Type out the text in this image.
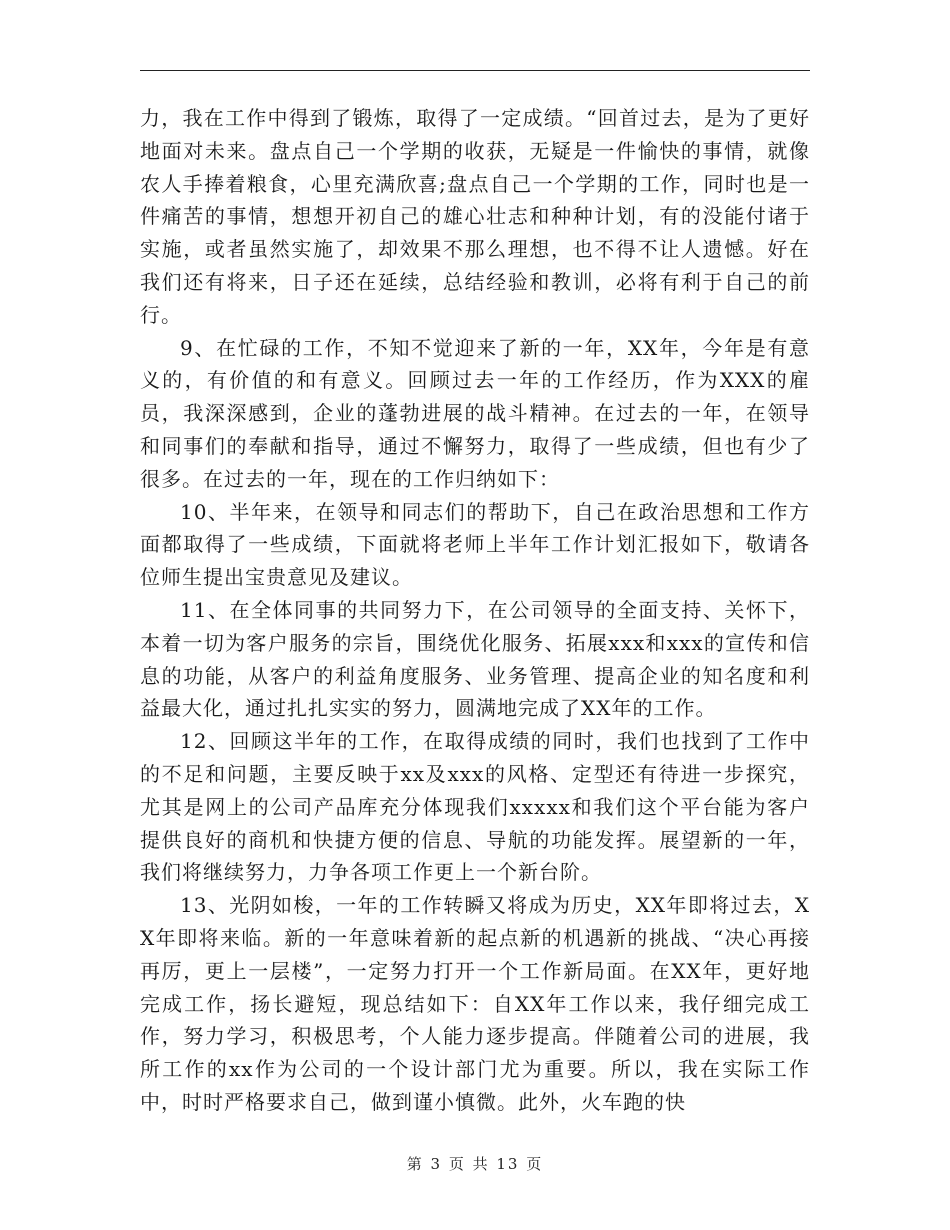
力，我在工作中得到了锻炼，取得了一定成绩。“回首过去，是为了更好地面对未来。盘点自己一个学期的收获，无疑是一件愉快的事情，就像农人手捧着粮食，心里充满欣喜;盘点自己一个学期的工作，同时也是一件痛苦的事情，想想开初自己的雄心壮志和种种计划，有的没能付诸于实施，或者虽然实施了，却效果不那么理想，也不得不让人遗憾。好在我们还有将来，日子还在延续，总结经验和教训，必将有利于自己的前行。

9、在忙碌的工作，不知不觉迎来了新的一年，XX年，今年是有意义的，有价值的和有意义。回顾过去一年的工作经历，作为XXX的雇员，我深深感到，企业的蓬勃进展的战斗精神。在过去的一年，在领导和同事们的奉献和指导，通过不懈努力，取得了一些成绩，但也有少了很多。在过去的一年，现在的工作归纳如下：

10、半年来，在领导和同志们的帮助下，自己在政治思想和工作方面都取得了一些成绩，下面就将老师上半年工作计划汇报如下，敬请各位师生提出宝贵意见及建议。

11、在全体同事的共同努力下，在公司领导的全面支持、关怀下，本着一切为客户服务的宗旨，围绕优化服务、拓展xxx和xxx的宣传和信息的功能，从客户的利益角度服务、业务管理、提高企业的知名度和利益最大化，通过扎扎实实的努力，圆满地完成了XX年的工作。

12、回顾这半年的工作，在取得成绩的同时，我们也找到了工作中的不足和问题，主要反映于xx及xxx的风格、定型还有待进一步探究，尤其是网上的公司产品库充分体现我们xxxxx和我们这个平台能为客户提供良好的商机和快捷方便的信息、导航的功能发挥。展望新的一年，我们将继续努力，力争各项工作更上一个新台阶。

13、光阴如梭，一年的工作转瞬又将成为历史，XX年即将过去，XX年即将来临。新的一年意味着新的起点新的机遇新的挑战、“决心再接再厉，更上一层楼”，一定努力打开一个工作新局面。在XX年，更好地完成工作，扬长避短，现总结如下：自XX年工作以来，我仔细完成工作，努力学习，积极思考，个人能力逐步提高。伴随着公司的进展，我所工作的xx作为公司的一个设计部门尤为重要。所以，我在实际工作中，时时严格要求自己，做到谨小慎微。此外，火车跑的快

第 3 页 共 13 页
